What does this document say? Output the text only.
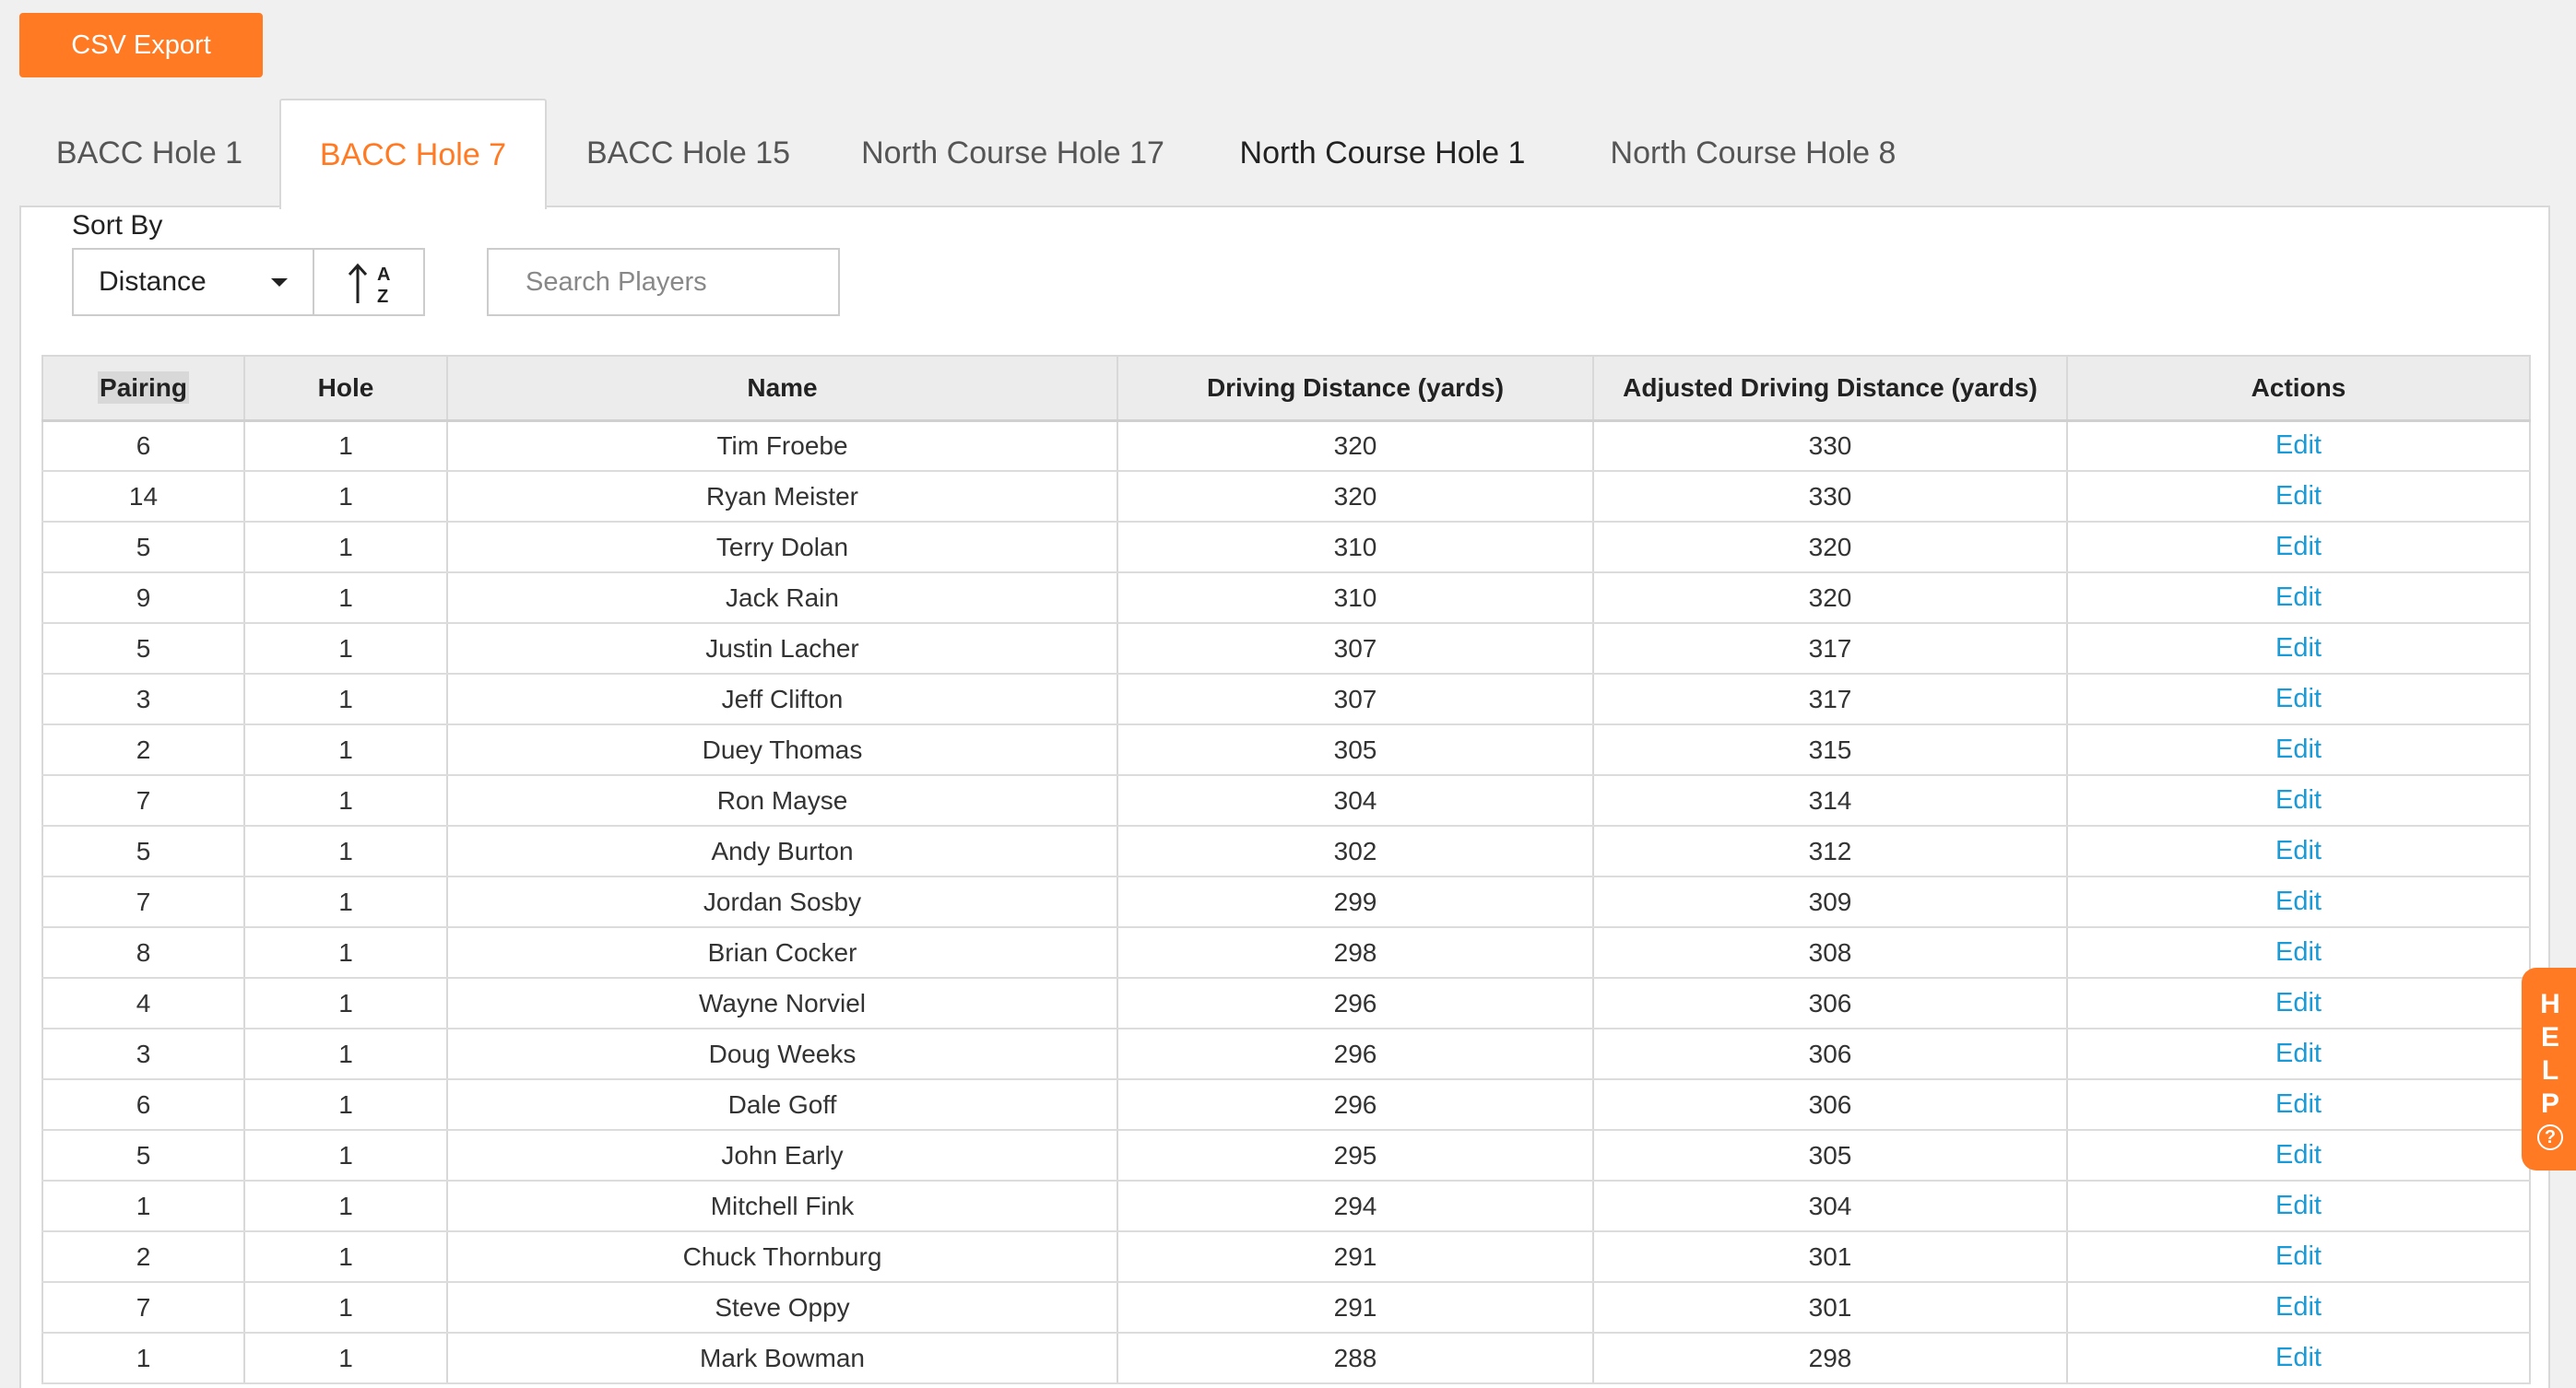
CSV Export
BACC Hole 1	BACC Hole 7	BACC Hole 15	North Course Hole 17	North Course Hole 1	North Course Hole 8
Sort By
Distance	A
Z
Search Players
Pairing	Hole	Name	Driving Distance (yards)	Adjusted Driving Distance (yards)	Actions
6	1	Tim Froebe	320	330	Edit
14	1	Ryan Meister	320	330	Edit
5	1	Terry Dolan	310	320	Edit
9	1	Jack Rain	310	320	Edit
5	1	Justin Lacher	307	317	Edit
3	1	Jeff Clifton	307	317	Edit
2	1	Duey Thomas	305	315	Edit
7	1	Ron Mayse	304	314	Edit
5	1	Andy Burton	302	312	Edit
7	1	Jordan Sosby	299	309	Edit
8	1	Brian Cocker	298	308	Edit
4	1	Wayne Norviel	296	306	Edit
3	1	Doug Weeks	296	306	Edit
6	1	Dale Goff	296	306	Edit
5	1	John Early	295	305	Edit
1	1	Mitchell Fink	294	304	Edit
2	1	Chuck Thornburg	291	301	Edit
7	1	Steve Oppy	291	301	Edit
1	1	Mark Bowman	288	298	Edit
H
E
L
P
?
